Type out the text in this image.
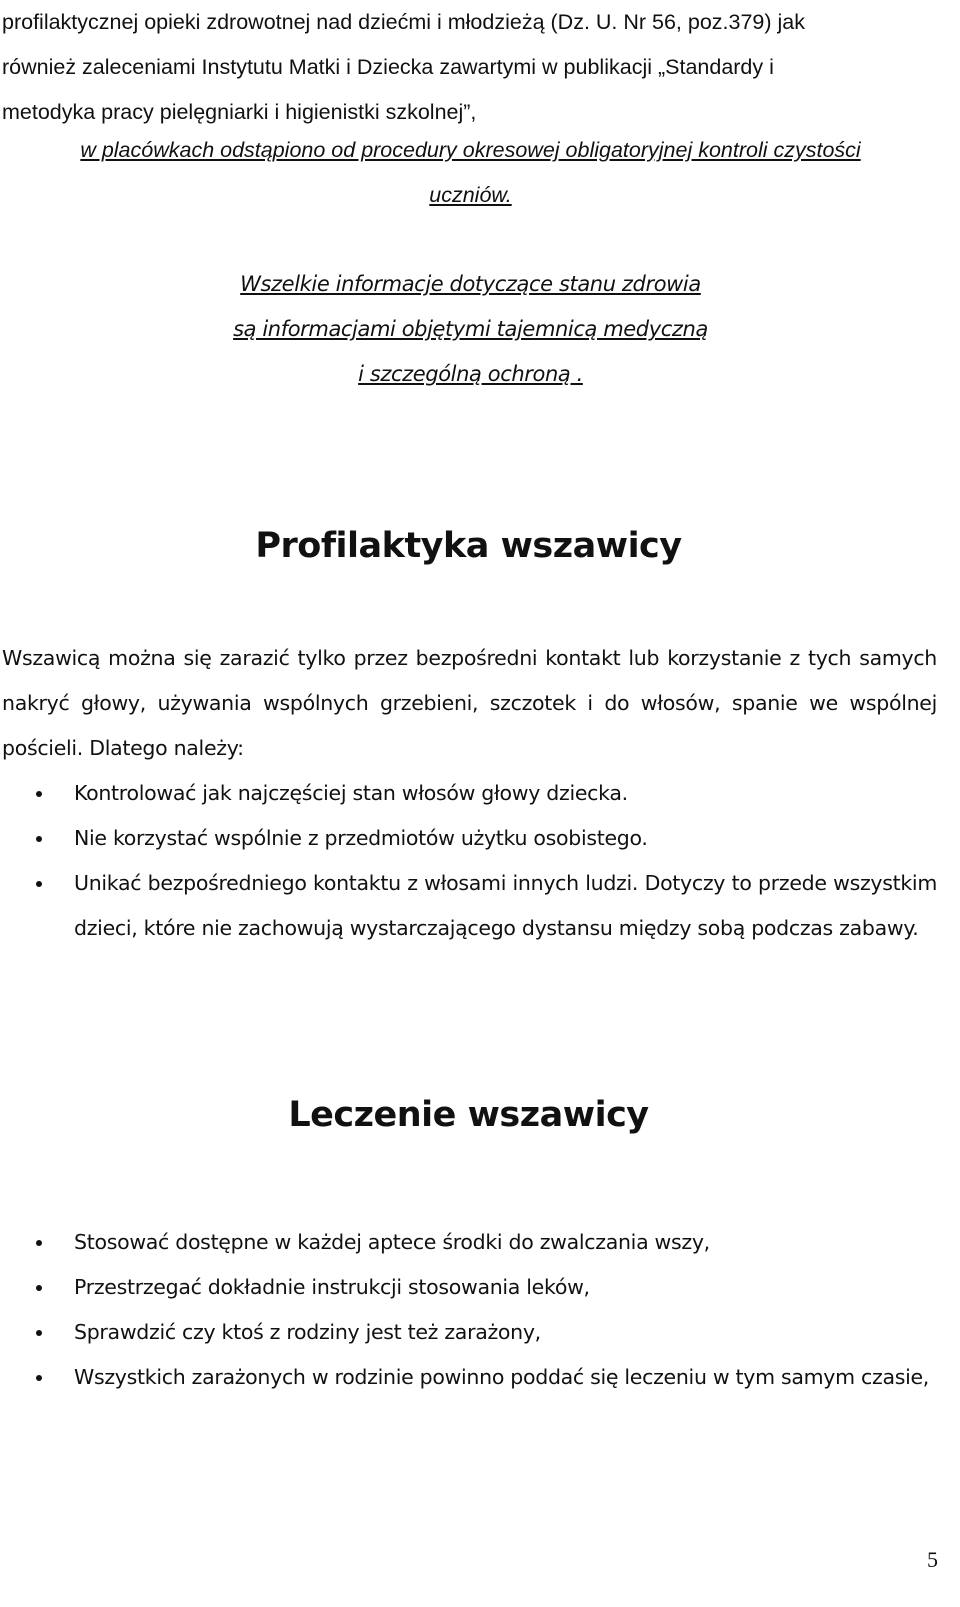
profilaktycznej opieki zdrowotnej nad dziećmi i młodzieżą (Dz. U. Nr 56, poz.379) jak

również zaleceniami Instytutu Matki i Dziecka zawartymi w publikacji „Standardy i

metodyka pracy pielęgniarki i higienistki szkolnej”,

w placówkach odstąpiono od procedury okresowej obligatoryjnej kontroli czystości
uczniów.
Wszelkie informacje dotyczące stanu zdrowia
są informacjami objętymi tajemnicą medyczną
i szczególną ochroną .
Profilaktyka wszawicy
Wszawicą można się zarazić tylko przez bezpośredni kontakt lub korzystanie z tych samych nakryć głowy, używania wspólnych grzebieni, szczotek i do włosów, spanie we wspólnej pościeli. Dlatego należy:
Kontrolować jak najczęściej stan włosów głowy dziecka.
Nie korzystać wspólnie z przedmiotów użytku osobistego.
Unikać bezpośredniego kontaktu z włosami innych ludzi. Dotyczy to przede wszystkim dzieci, które nie zachowują wystarczającego dystansu między sobą podczas zabawy.
Leczenie wszawicy
Stosować dostępne w każdej aptece środki do zwalczania wszy,
Przestrzegać dokładnie instrukcji stosowania leków,
Sprawdzić czy ktoś z rodziny jest też zarażony,
Wszystkich zarażonych w rodzinie powinno poddać się leczeniu w tym samym czasie,
5
